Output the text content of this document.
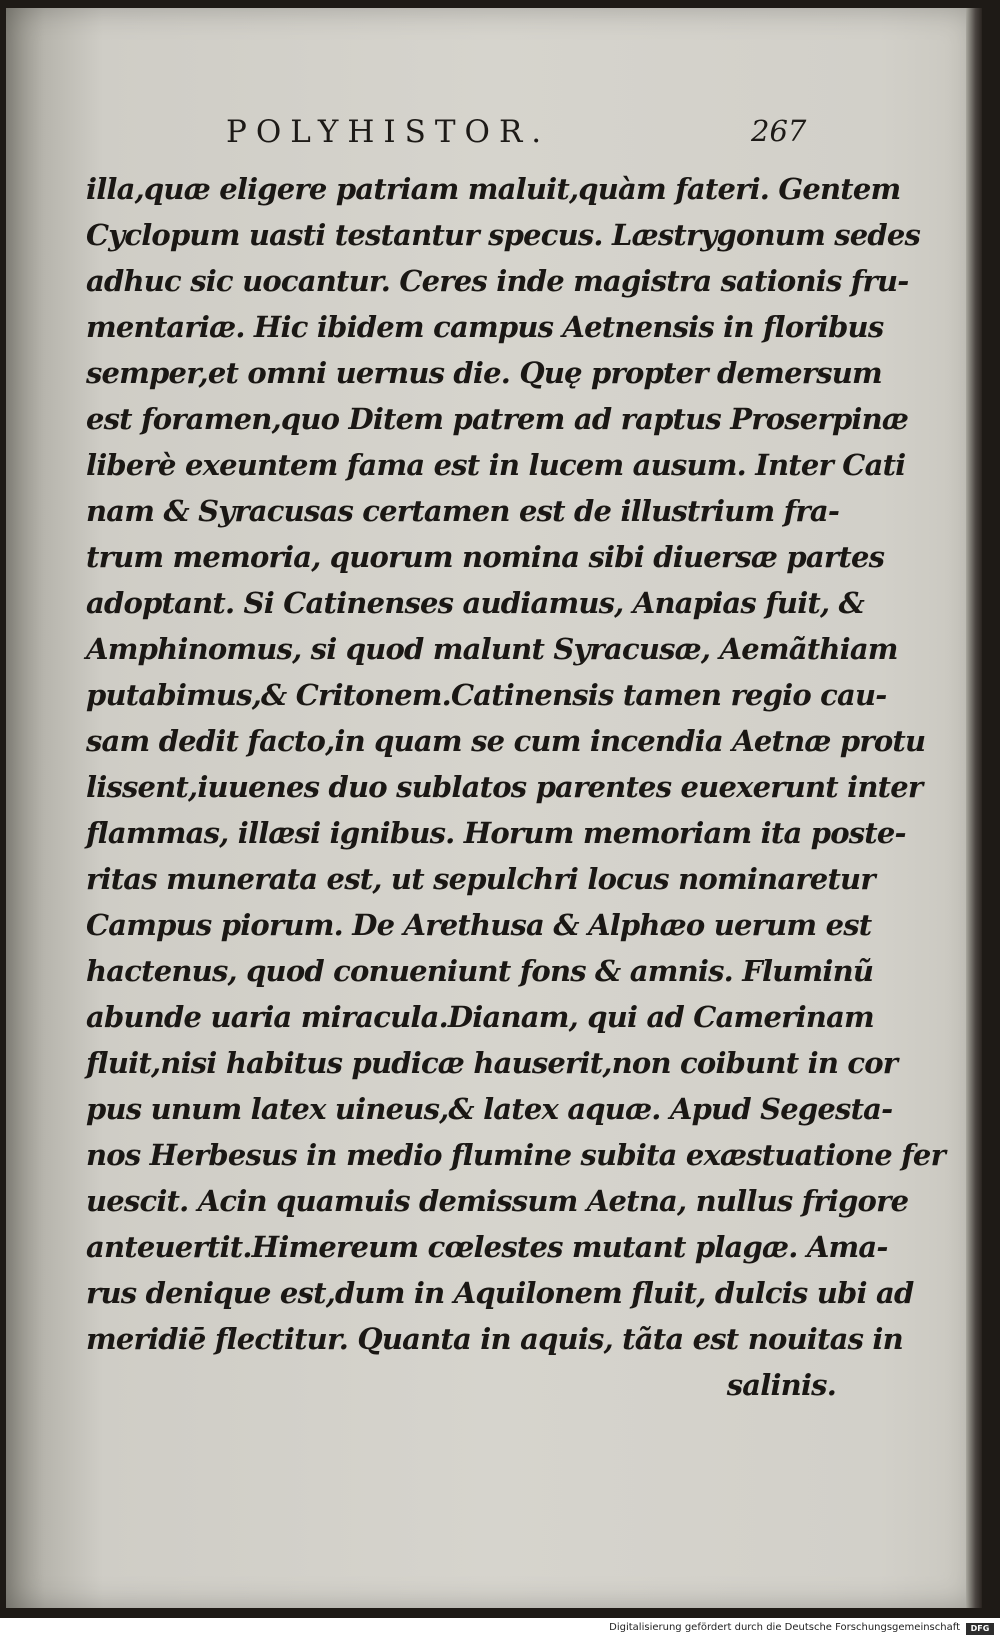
POLYHISTOR.	267
illa,quæ eligere patriam maluit,quàm fateri. Gentem
Cyclopum uasti testantur specus. Læstrygonum sedes
adhuc sic uocantur. Ceres inde magistra sationis fru-
mentariæ. Hic ibidem campus Aetnensis in floribus
semper,et omni uernus die. Quę propter demersum
est foramen,quo Ditem patrem ad raptus Proserpinæ
liberè exeuntem fama est in lucem ausum. Inter Cati
nam & Syracusas certamen est de illustrium fra-
trum memoria, quorum nomina sibi diuersæ partes
adoptant. Si Catinenses audiamus, Anapias fuit, &
Amphinomus, si quod malunt Syracusæ, Aemãthiam
putabimus,& Critonem.Catinensis tamen regio cau-
sam dedit facto,in quam se cum incendia Aetnæ protu
lissent,iuuenes duo sublatos parentes euexerunt inter
flammas, illæsi ignibus. Horum memoriam ita poste-
ritas munerata est, ut sepulchri locus nominaretur
Campus piorum. De Arethusa & Alphæo uerum est
hactenus, quod conueniunt fons & amnis. Fluminũ
abunde uaria miracula.Dianam, qui ad Camerinam
fluit,nisi habitus pudicæ hauserit,non coibunt in cor
pus unum latex uineus,& latex aquæ. Apud Segesta-
nos Herbesus in medio flumine subita exæstuatione fer
uescit. Acin quamuis demissum Aetna, nullus frigore
anteuertit.Himereum cœlestes mutant plagæ. Ama-
rus denique est,dum in Aquilonem fluit, dulcis ubi ad
meridiē flectitur. Quanta in aquis, tãta est nouitas in
salinis.
Digitalisierung gefördert durch die Deutsche Forschungsgemeinschaft	DFG
